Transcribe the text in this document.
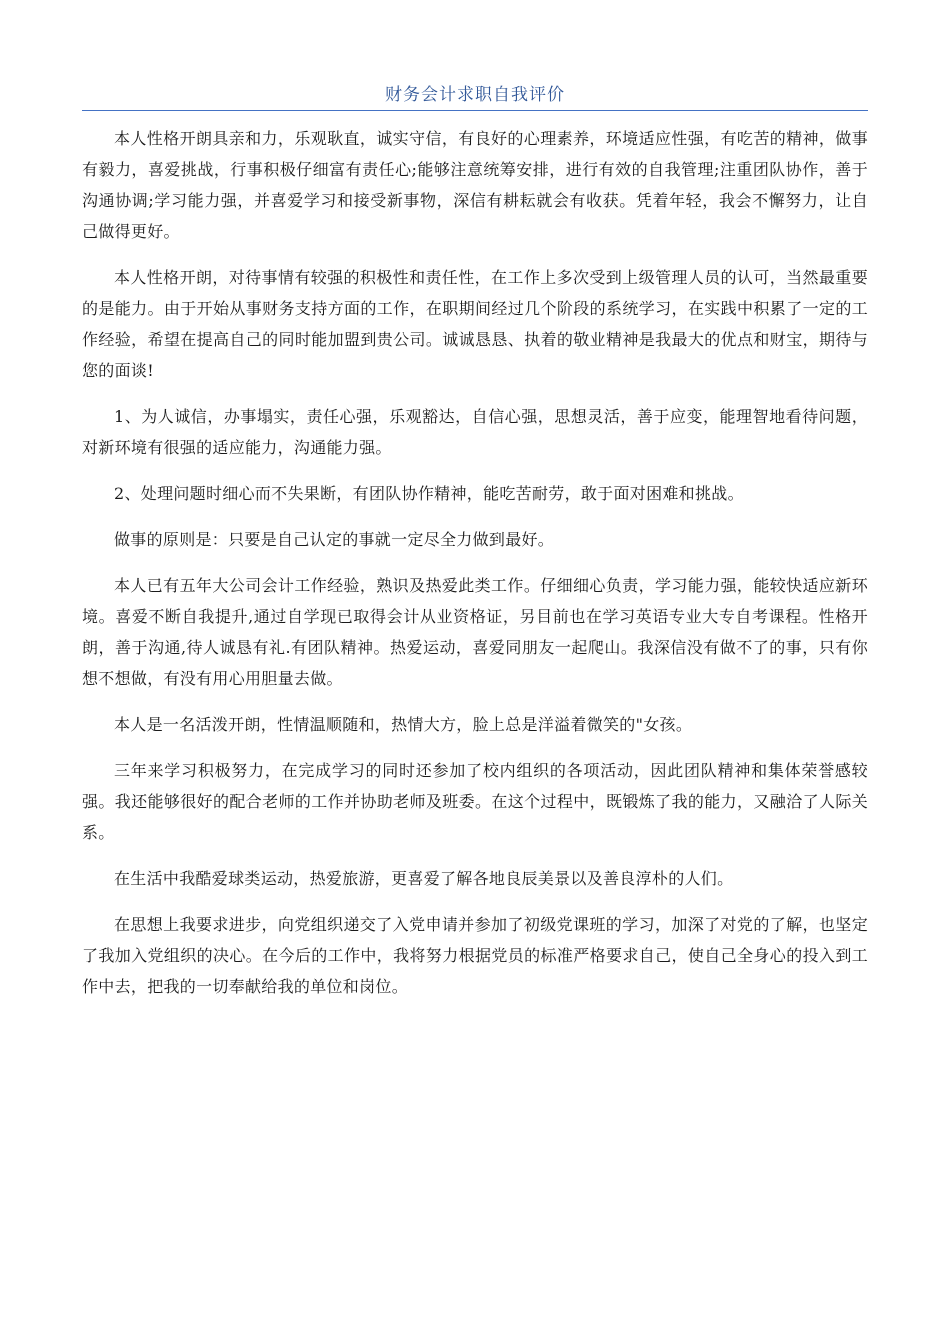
财务会计求职自我评价

本人性格开朗具亲和力，乐观耿直，诚实守信，有良好的心理素养，环境适应性强，有吃苦的精神，做事有毅力，喜爱挑战，行事积极仔细富有责任心;能够注意统筹安排，进行有效的自我管理;注重团队协作，善于沟通协调;学习能力强，并喜爱学习和接受新事物，深信有耕耘就会有收获。凭着年轻，我会不懈努力，让自己做得更好。

本人性格开朗，对待事情有较强的积极性和责任性，在工作上多次受到上级管理人员的认可，当然最重要的是能力。由于开始从事财务支持方面的工作，在职期间经过几个阶段的系统学习，在实践中积累了一定的工作经验，希望在提高自己的同时能加盟到贵公司。诚诚恳恳、执着的敬业精神是我最大的优点和财宝，期待与您的面谈!

1、为人诚信，办事塌实，责任心强，乐观豁达，自信心强，思想灵活，善于应变，能理智地看待问题，对新环境有很强的适应能力，沟通能力强。

2、处理问题时细心而不失果断，有团队协作精神，能吃苦耐劳，敢于面对困难和挑战。

做事的原则是：只要是自己认定的事就一定尽全力做到最好。

本人已有五年大公司会计工作经验，熟识及热爱此类工作。仔细细心负责，学习能力强，能较快适应新环境。喜爱不断自我提升,通过自学现已取得会计从业资格证，另目前也在学习英语专业大专自考课程。性格开朗，善于沟通,待人诚恳有礼.有团队精神。热爱运动，喜爱同朋友一起爬山。我深信没有做不了的事，只有你想不想做，有没有用心用胆量去做。

本人是一名活泼开朗，性情温顺随和，热情大方，脸上总是洋溢着微笑的"女孩。

三年来学习积极努力，在完成学习的同时还参加了校内组织的各项活动，因此团队精神和集体荣誉感较强。我还能够很好的配合老师的工作并协助老师及班委。在这个过程中，既锻炼了我的能力，又融洽了人际关系。

在生活中我酷爱球类运动，热爱旅游，更喜爱了解各地良辰美景以及善良淳朴的人们。

在思想上我要求进步，向党组织递交了入党申请并参加了初级党课班的学习，加深了对党的了解，也坚定了我加入党组织的决心。在今后的工作中，我将努力根据党员的标准严格要求自己，使自己全身心的投入到工作中去，把我的一切奉献给我的单位和岗位。
